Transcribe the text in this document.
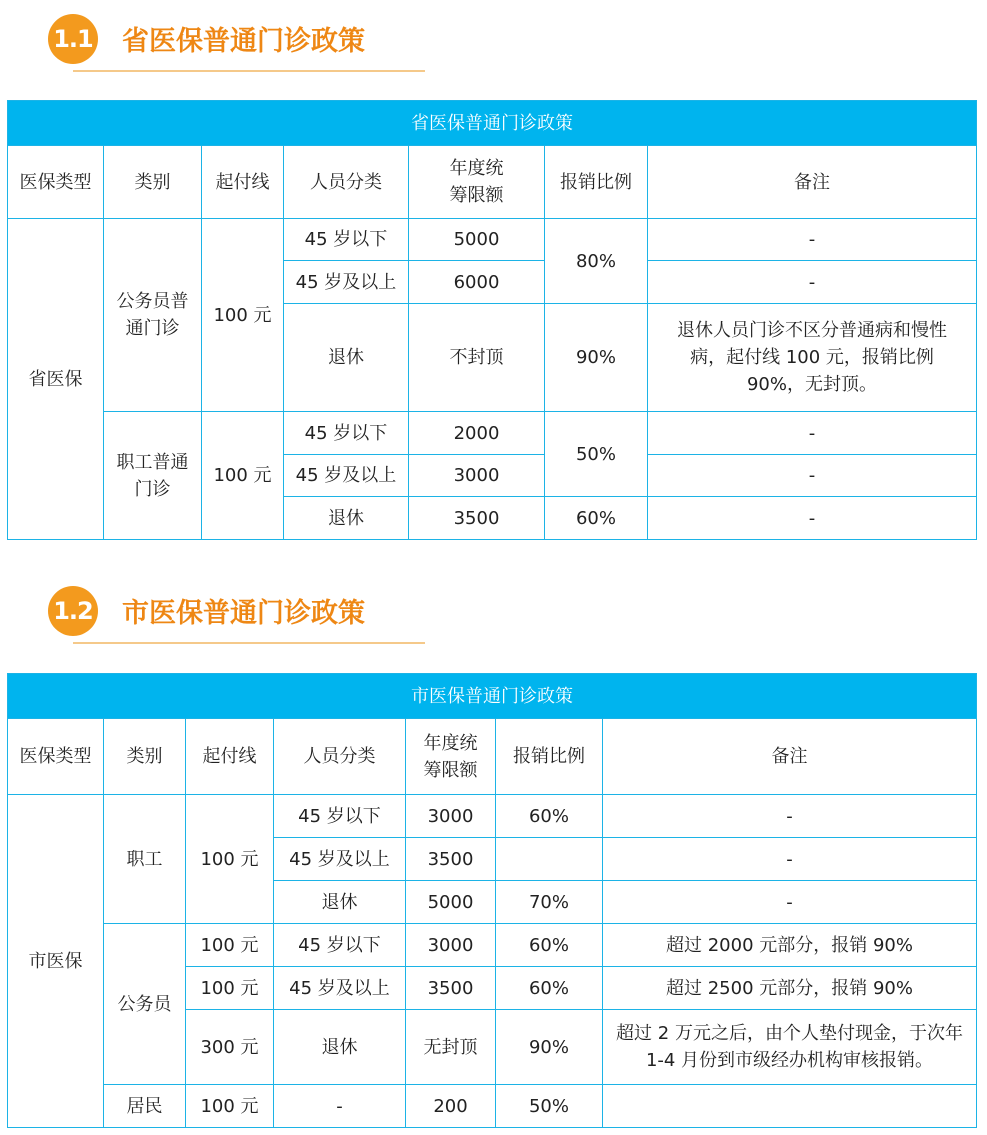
1.1 省医保普通门诊政策
省医保普通门诊政策						
医保类型	类别	起付线	人员分类	年度统筹限额	报销比例	备注
省医保	公务员普通门诊	100 元	45 岁以下	5000	80%	-
			45 岁及以上	6000		-
			退休	不封顶	90%	退休人员门诊不区分普通病和慢性病，起付线 100 元，报销比例 90%，无封顶。
	职工普通门诊	100 元	45 岁以下	2000	50%	-
			45 岁及以上	3000		-
			退休	3500	60%	-
1.2 市医保普通门诊政策
市医保普通门诊政策						
医保类型	类别	起付线	人员分类	年度统筹限额	报销比例	备注
市医保	职工	100 元	45 岁以下	3000	60%	-
			45 岁及以上	3500		-
			退休	5000	70%	-
	公务员	100 元	45 岁以下	3000	60%	超过 2000 元部分，报销 90%
		100 元	45 岁及以上	3500	60%	超过 2500 元部分，报销 90%
		300 元	退休	无封顶	90%	超过 2 万元之后，由个人垫付现金，于次年 1-4 月份到市级经办机构审核报销。
	居民	100 元	-	200	50%	
